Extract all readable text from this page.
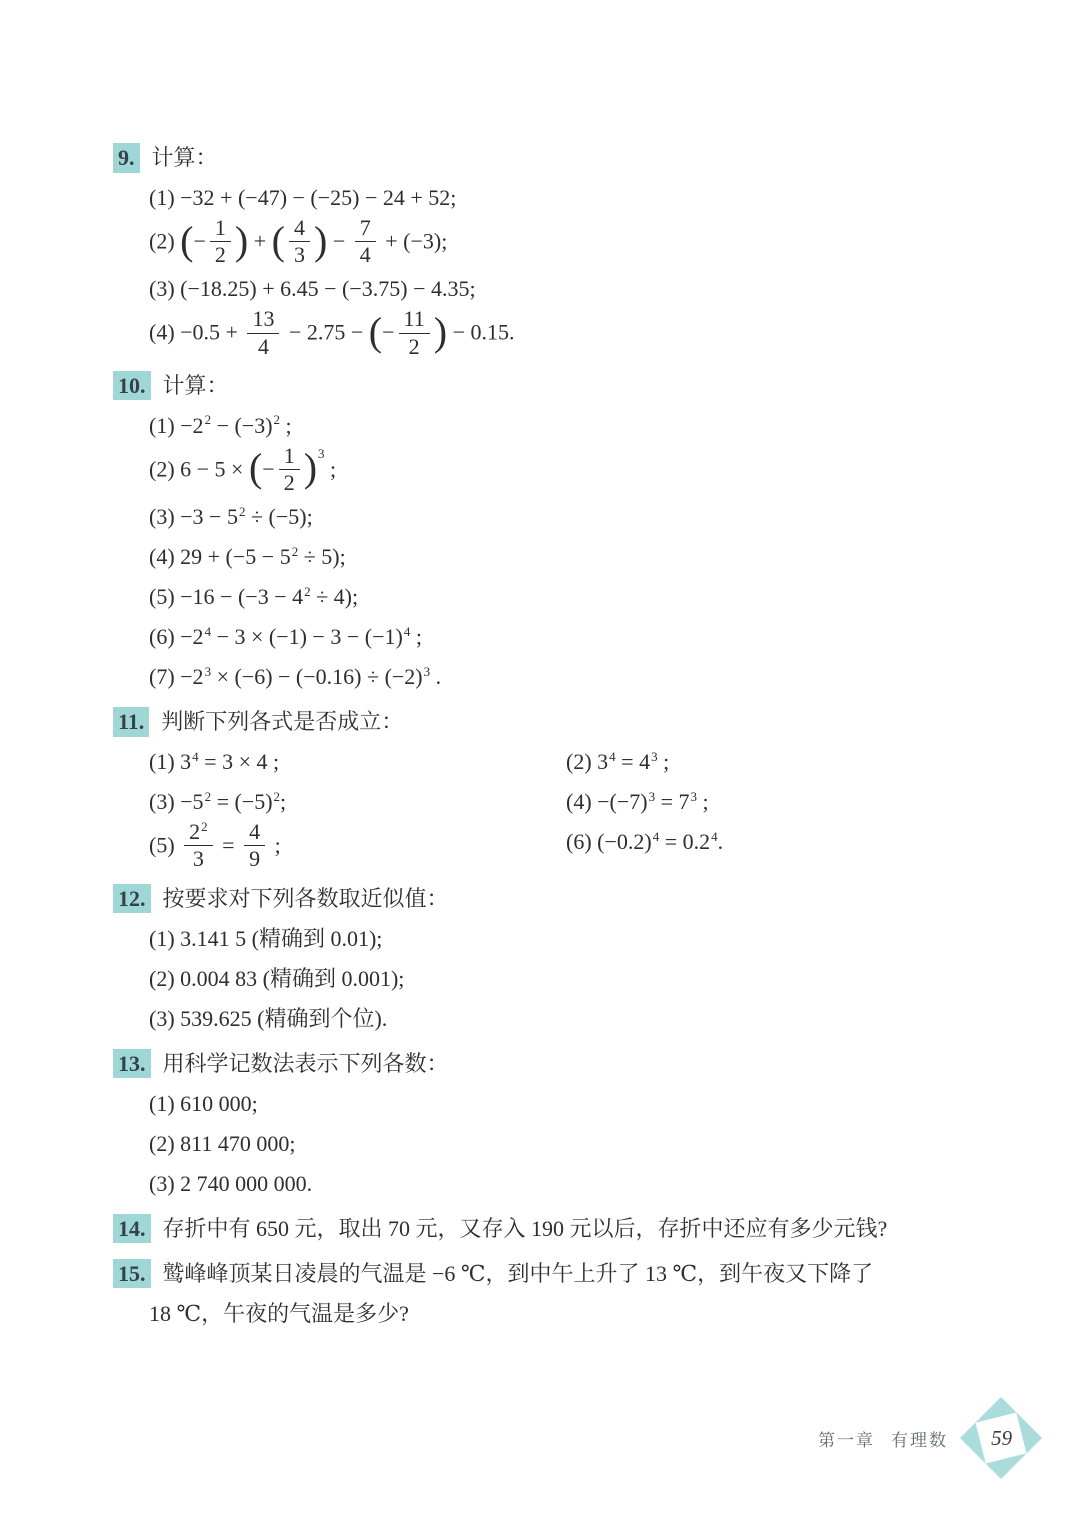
9. 计算：
(1) −32 + (−47) − (−25) − 24 + 52;
(2) (− $\frac{1}{2}$ ) + ( $\frac{4}{3}$ ) − $\frac{7}{4} + (-3)$;
(3) (−18.25) + 6.45 − (−3.75) − 4.35;
$(4) -0.5 + \frac{13}{4} - 2.75$ − (− $\frac{11}{2}$ ) − 0.15.
10. 计算：
$(1) -2^2 - (-3)^2$ ;
(2) 6 − 5 × (− $\frac{1}{2} )^3$ ;
$(3) -3 - 5^2 \div (-5)$;
(4) $29 + (-5 - 5^2 \div 5)$;
$(5) -16 - (-3 - 4^2 \div 4)$;
$(6) -2^4 - 3 \times (-1) - 3 - (-1)^4$ ;
$(7) -2^3 \times (-6) - (-0.16) \div (-2)^3$ .
11. 判断下列各式是否成立：
(1) $3^4 = 3 \times 4$ ;	(2) $3^4 = 4^3$ ;
$(3) -5^2 = (-5)^2$;	$(4) -(-7)^3 = 7^3$ ;
$(5) \frac{2^2}{3} = \frac{4}{9}$ ;	(6) $(-0.2)^4 = 0.2^4$.
12. 按要求对下列各数取近似值：
(1) 3.141 5 (精确到 0.01);
(2) 0.004 83 (精确到 0.001);
(3) 539.625 (精确到个位).
13. 用科学记数法表示下列各数：
(1) 610 000;
(2) 811 470 000;
(3) 2 740 000 000.
14. 存折中有 650 元，取出 70 元，又存入 190 元以后，存折中还应有多少元钱?
15. 鹫峰峰顶某日凌晨的气温是 −6 ℃，到中午上升了 13 ℃，到午夜又下降了
18 ℃，午夜的气温是多少?
第一章 有理数 59
